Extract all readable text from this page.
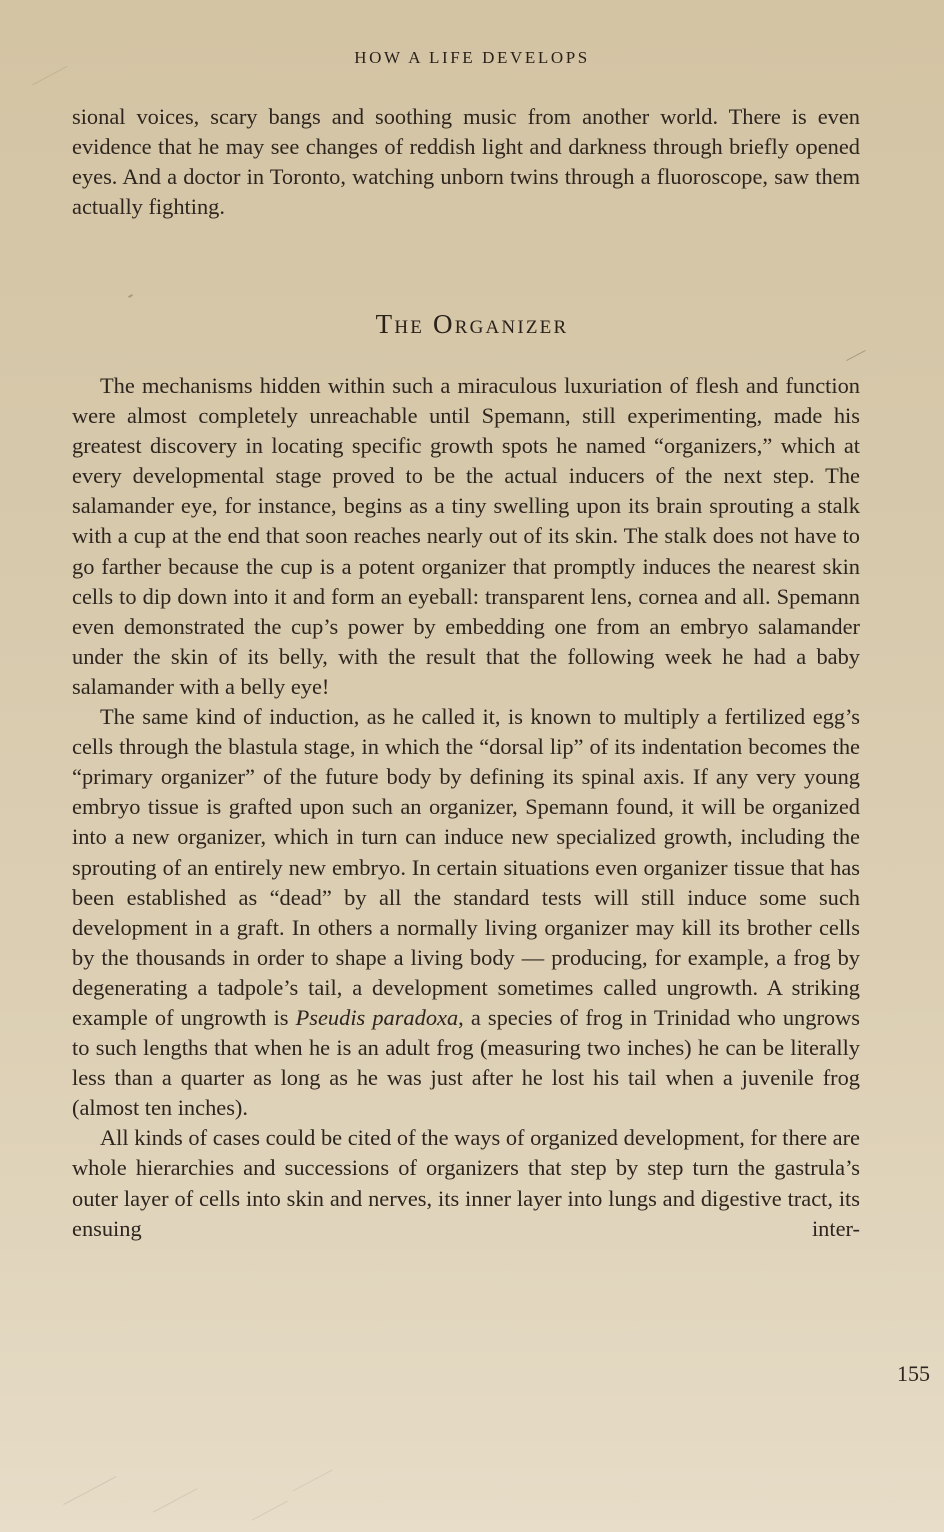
HOW A LIFE DEVELOPS

sional voices, scary bangs and soothing music from another world. There is even evidence that he may see changes of reddish light and darkness through briefly opened eyes. And a doctor in Toronto, watching unborn twins through a fluoroscope, saw them actually fighting.

The Organizer

The mechanisms hidden within such a miraculous luxuriation of flesh and function were almost completely unreachable until Spemann, still experimenting, made his greatest discovery in locating specific growth spots he named “organizers,” which at every developmental stage proved to be the actual inducers of the next step. The salamander eye, for instance, begins as a tiny swelling upon its brain sprouting a stalk with a cup at the end that soon reaches nearly out of its skin. The stalk does not have to go farther because the cup is a potent organizer that promptly induces the nearest skin cells to dip down into it and form an eyeball: transparent lens, cornea and all. Spemann even demonstrated the cup’s power by embedding one from an embryo salamander under the skin of its belly, with the result that the following week he had a baby salamander with a belly eye!

The same kind of induction, as he called it, is known to multiply a fertilized egg’s cells through the blastula stage, in which the “dorsal lip” of its indentation becomes the “primary organizer” of the future body by defining its spinal axis. If any very young embryo tissue is grafted upon such an organizer, Spemann found, it will be organized into a new organizer, which in turn can induce new specialized growth, including the sprouting of an entirely new embryo. In certain situations even organizer tissue that has been established as “dead” by all the standard tests will still induce some such development in a graft. In others a normally living organizer may kill its brother cells by the thousands in order to shape a living body — producing, for example, a frog by degenerating a tadpole’s tail, a development sometimes called ungrowth. A striking example of ungrowth is Pseudis paradoxa, a species of frog in Trinidad who ungrows to such lengths that when he is an adult frog (measuring two inches) he can be literally less than a quarter as long as he was just after he lost his tail when a juvenile frog (almost ten inches).

All kinds of cases could be cited of the ways of organized development, for there are whole hierarchies and successions of organizers that step by step turn the gastrula’s outer layer of cells into skin and nerves, its inner layer into lungs and digestive tract, its ensuing inter-

155
